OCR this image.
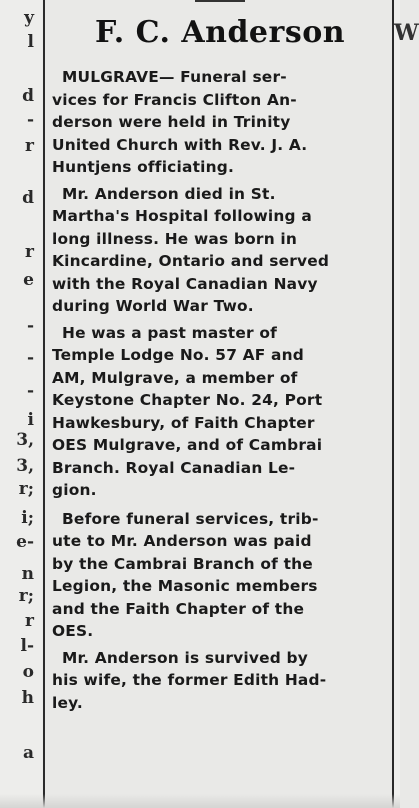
y
l
d
-
r
d
r
e
-
-
-
i
3,
3,
r;
i;
e-
n
r;
r
l-
o
h
a
F. C. Anderson
MULGRAVE— Funeral ser-
vices for Francis Clifton An-
derson were held in Trinity
United Church with Rev. J. A.
Huntjens officiating.
Mr. Anderson died in St.
Martha's Hospital following a
long illness. He was born in
Kincardine, Ontario and served
with the Royal Canadian Navy
during World War Two.
He was a past master of
Temple Lodge No. 57 AF and
AM, Mulgrave, a member of
Keystone Chapter No. 24, Port
Hawkesbury, of Faith Chapter
OES Mulgrave, and of Cambrai
Branch. Royal Canadian Le-
gion.
Before funeral services, trib-
ute to Mr. Anderson was paid
by the Cambrai Branch of the
Legion, the Masonic members
and the Faith Chapter of the
OES.
Mr. Anderson is survived by
his wife, the former Edith Had-
ley.
W
